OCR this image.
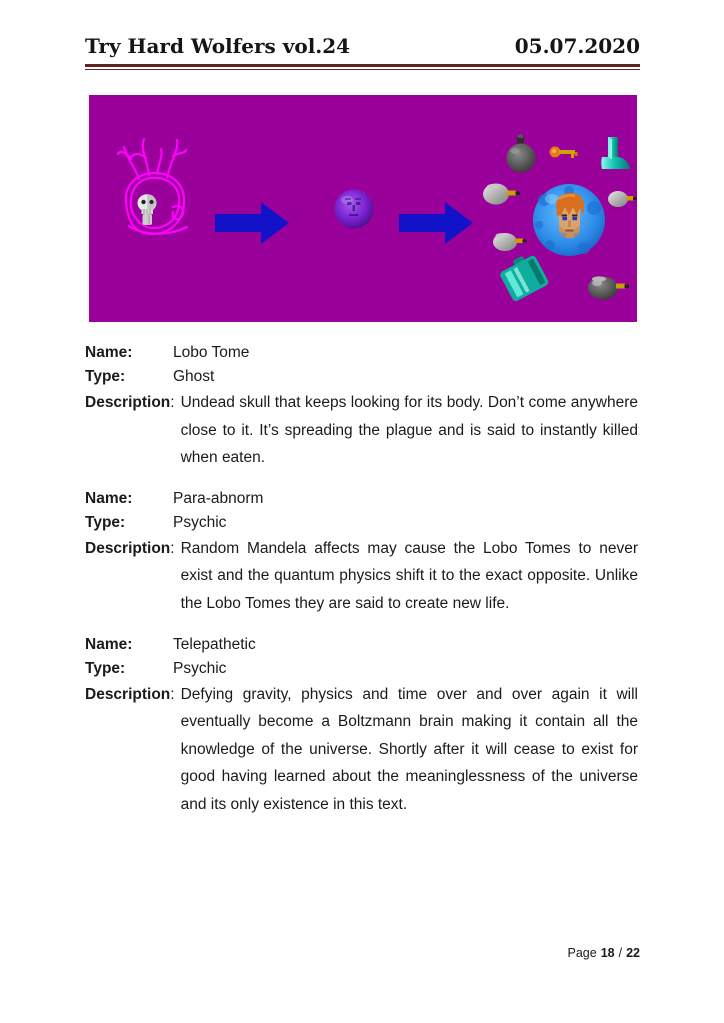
Try Hard Wolfers vol.24	05.07.2020
Name:	Lobo Tome
Type:	Ghost
Description: Undead skull that keeps looking for its body. Don’t come anywhere close to it. It’s spreading the plague and is said to instantly killed when eaten.
Name:	Para-abnorm
Type:	Psychic
Description: Random Mandela affects may cause the Lobo Tomes to never exist and the quantum physics shift it to the exact opposite. Unlike the Lobo Tomes they are said to create new life.
Name:	Telepathetic
Type:	Psychic
Description: Defying gravity, physics and time over and over again it will eventually become a Boltzmann brain making it contain all the knowledge of the universe. Shortly after it will cease to exist for good having learned about the meaninglessness of the universe and its only existence in this text.
Page 18 / 22
